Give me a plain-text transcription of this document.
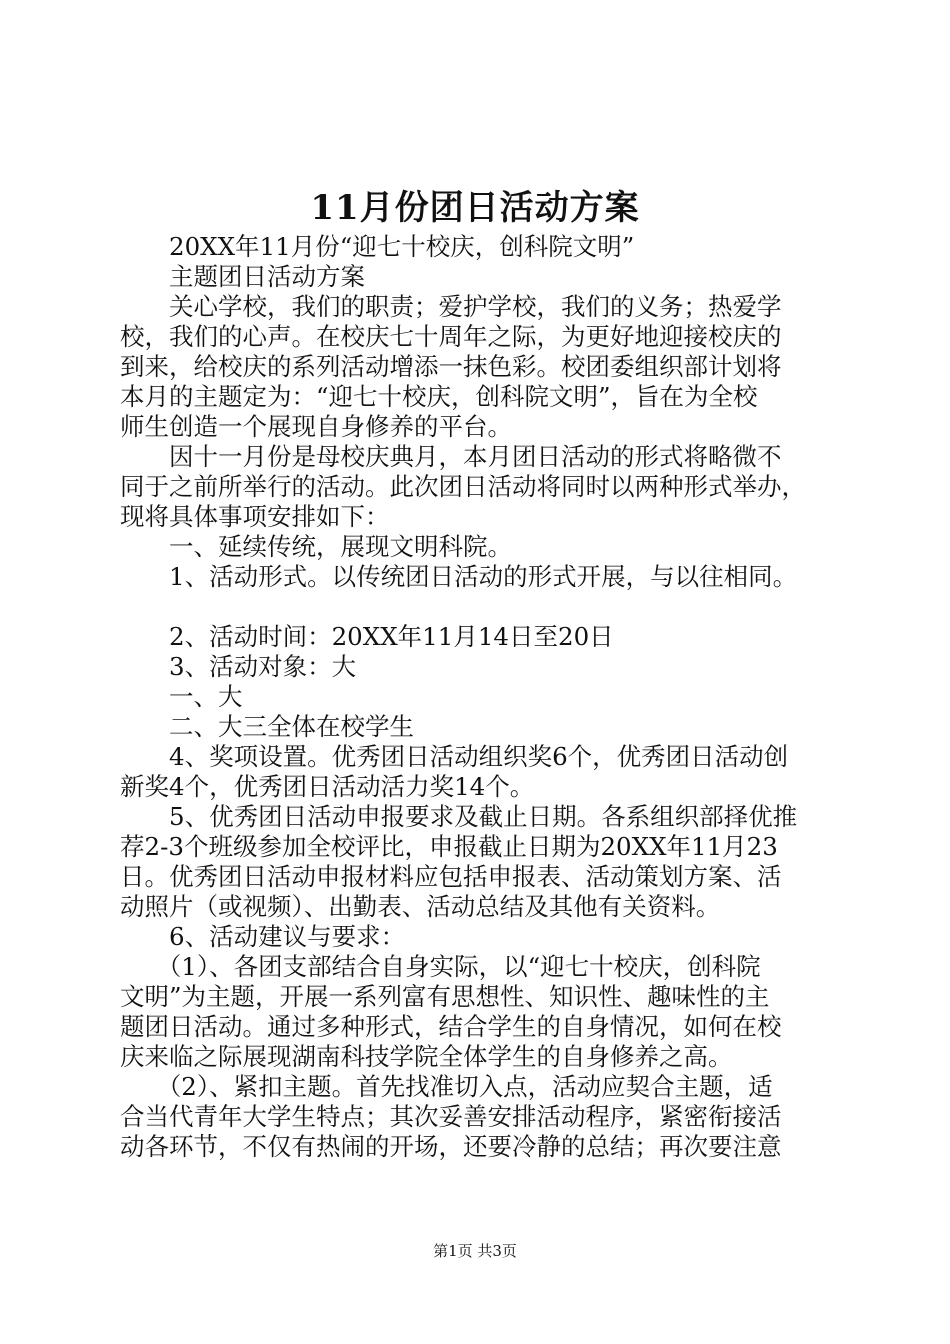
11月份团日活动方案
　　20XX年11月份“迎七十校庆，创科院文明”
　　主题团日活动方案
　　关心学校，我们的职责；爱护学校，我们的义务；热爱学
校，我们的心声。在校庆七十周年之际，为更好地迎接校庆的
到来，给校庆的系列活动增添一抹色彩。校团委组织部计划将
本月的主题定为：“迎七十校庆，创科院文明”，旨在为全校
师生创造一个展现自身修养的平台。
　　因十一月份是母校庆典月，本月团日活动的形式将略微不
同于之前所举行的活动。此次团日活动将同时以两种形式举办，
现将具体事项安排如下：
　　一、延续传统，展现文明科院。
　　1、活动形式。以传统团日活动的形式开展，与以往相同。
　　2、活动时间：20XX年11月14日至20日
　　3、活动对象：大
　　一、大
　　二、大三全体在校学生
　　4、奖项设置。优秀团日活动组织奖6个，优秀团日活动创
新奖4个，优秀团日活动活力奖14个。
　　5、优秀团日活动申报要求及截止日期。各系组织部择优推
荐2-3个班级参加全校评比，申报截止日期为20XX年11月23
日。优秀团日活动申报材料应包括申报表、活动策划方案、活
动照片（或视频）、出勤表、活动总结及其他有关资料。
　　6、活动建议与要求：
　　（1）、各团支部结合自身实际，以“迎七十校庆，创科院
文明”为主题，开展一系列富有思想性、知识性、趣味性的主
题团日活动。通过多种形式，结合学生的自身情况，如何在校
庆来临之际展现湖南科技学院全体学生的自身修养之高。
　　（2）、紧扣主题。首先找准切入点，活动应契合主题，适
合当代青年大学生特点；其次妥善安排活动程序，紧密衔接活
动各环节，不仅有热闹的开场，还要冷静的总结；再次要注意
第1页 共3页
